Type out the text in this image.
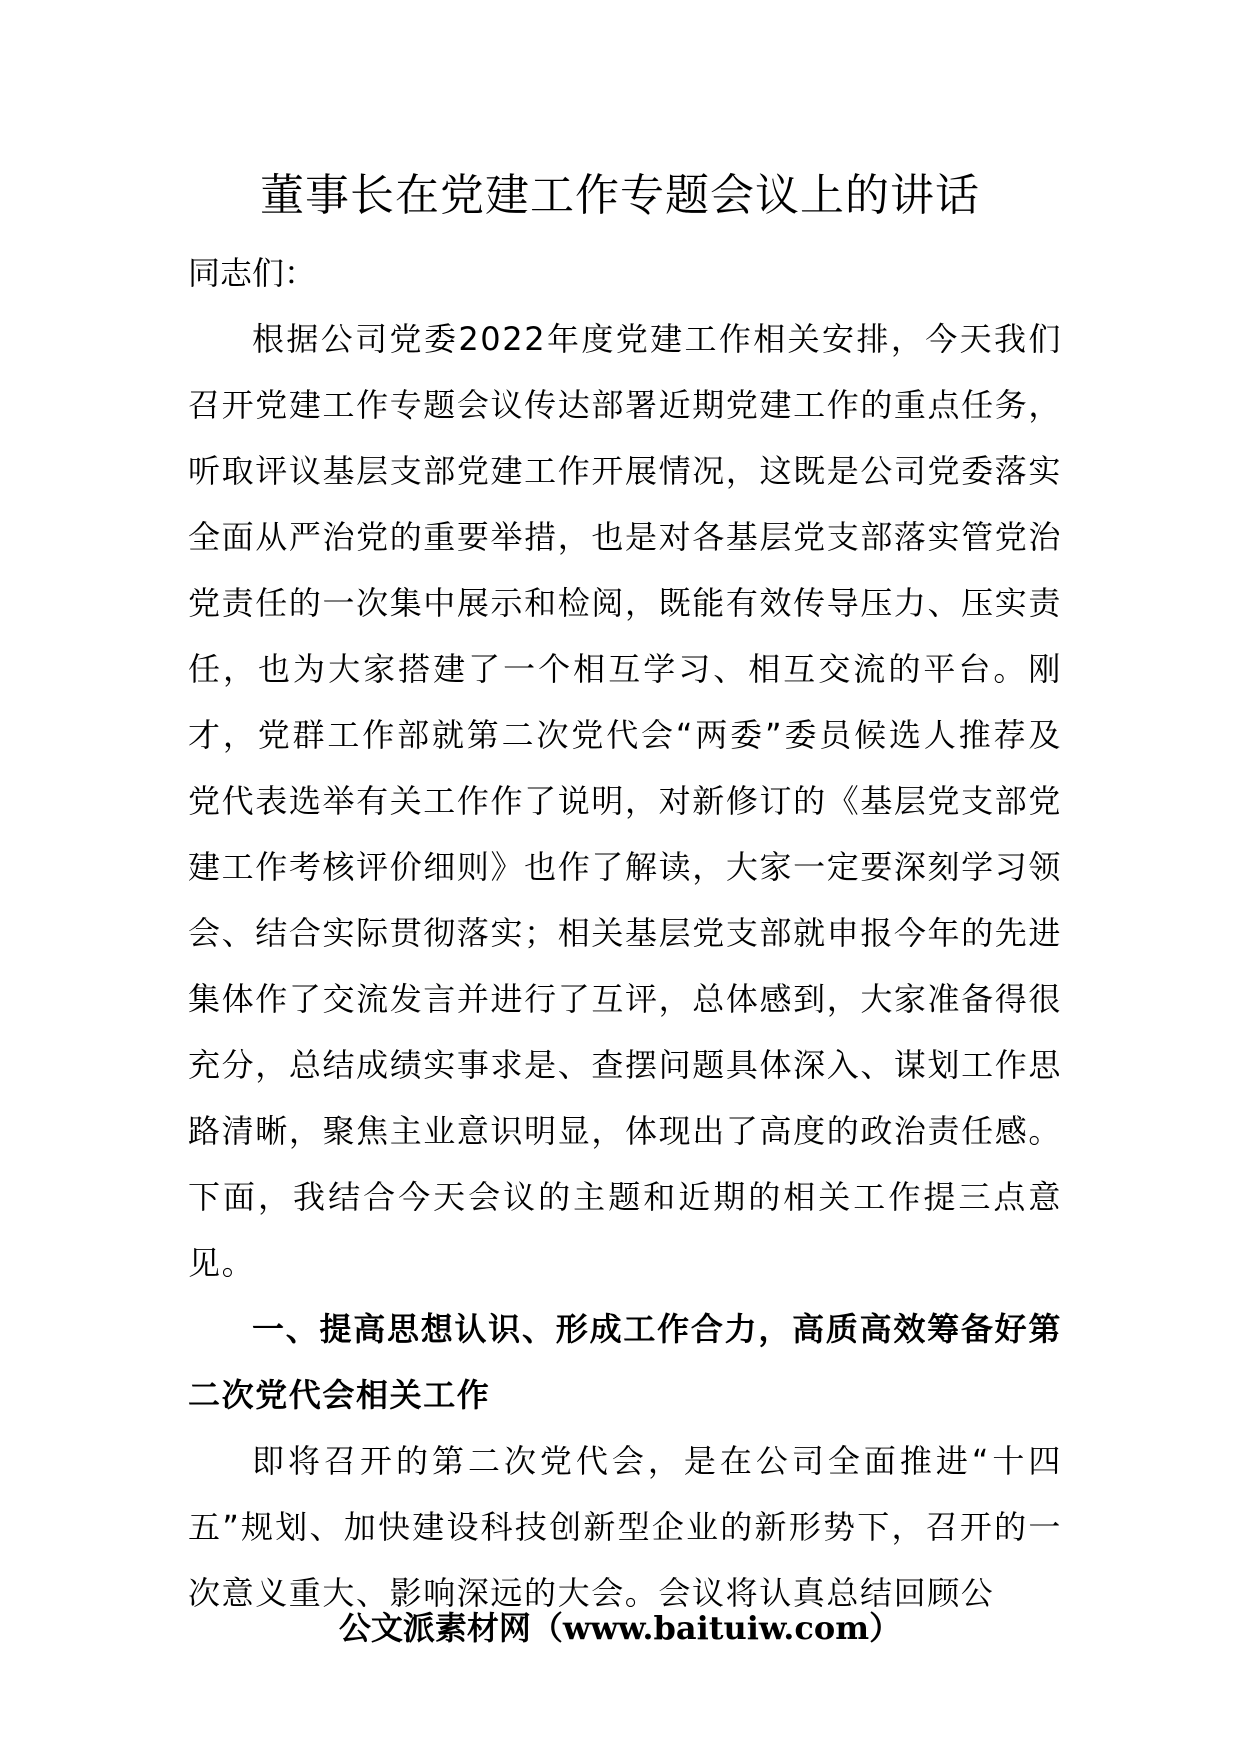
董事长在党建工作专题会议上的讲话

同志们：

根据公司党委2022年度党建工作相关安排，今天我们召开党建工作专题会议传达部署近期党建工作的重点任务，听取评议基层支部党建工作开展情况，这既是公司党委落实全面从严治党的重要举措，也是对各基层党支部落实管党治党责任的一次集中展示和检阅，既能有效传导压力、压实责任，也为大家搭建了一个相互学习、相互交流的平台。刚才，党群工作部就第二次党代会“两委”委员候选人推荐及党代表选举有关工作作了说明，对新修订的《基层党支部党建工作考核评价细则》也作了解读，大家一定要深刻学习领会、结合实际贯彻落实；相关基层党支部就申报今年的先进集体作了交流发言并进行了互评，总体感到，大家准备得很充分，总结成绩实事求是、查摆问题具体深入、谋划工作思路清晰，聚焦主业意识明显，体现出了高度的政治责任感。下面，我结合今天会议的主题和近期的相关工作提三点意见。

一、提高思想认识、形成工作合力，高质高效筹备好第二次党代会相关工作

即将召开的第二次党代会，是在公司全面推进“十四五”规划、加快建设科技创新型企业的新形势下，召开的一次意义重大、影响深远的大会。会议将认真总结回顾公

公文派素材网（www.baituiw.com）
